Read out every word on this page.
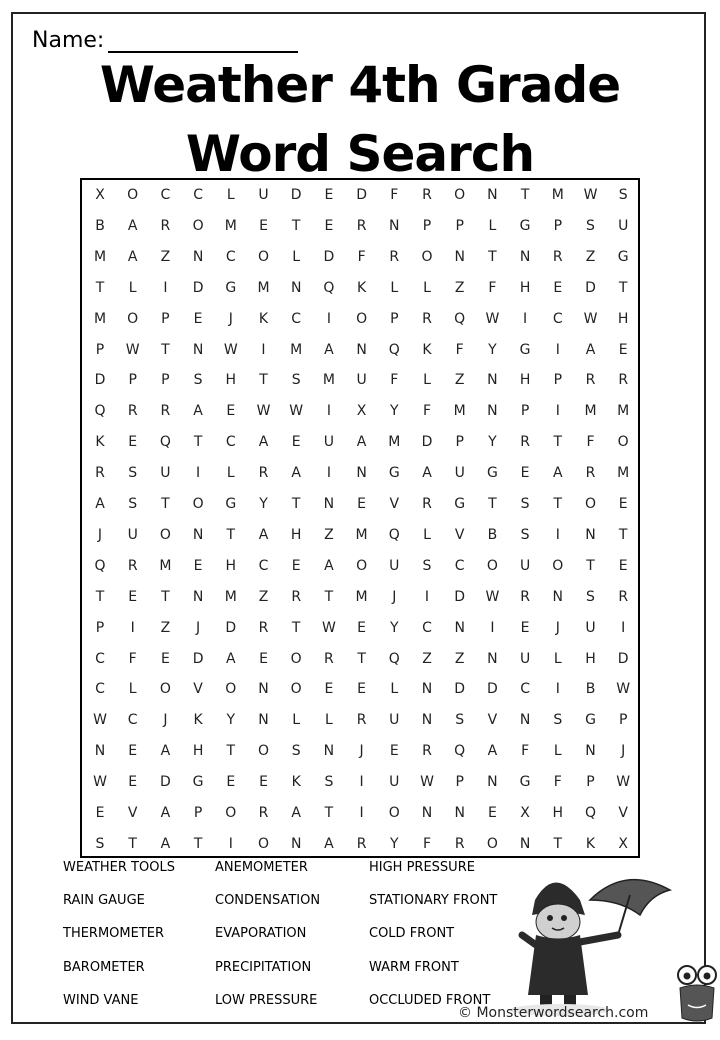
Name:
Weather 4th Grade
Word Search
X	O	C	C	L	U	D	E	D	F	R	O	N	T	M	W	S
B	A	R	O	M	E	T	E	R	N	P	P	L	G	P	S	U
M	A	Z	N	C	O	L	D	F	R	O	N	T	N	R	Z	G
T	L	I	D	G	M	N	Q	K	L	L	Z	F	H	E	D	T
M	O	P	E	J	K	C	I	O	P	R	Q	W	I	C	W	H
P	W	T	N	W	I	M	A	N	Q	K	F	Y	G	I	A	E
D	P	P	S	H	T	S	M	U	F	L	Z	N	H	P	R	R
Q	R	R	A	E	W	W	I	X	Y	F	M	N	P	I	M	M
K	E	Q	T	C	A	E	U	A	M	D	P	Y	R	T	F	O
R	S	U	I	L	R	A	I	N	G	A	U	G	E	A	R	M
A	S	T	O	G	Y	T	N	E	V	R	G	T	S	T	O	E
J	U	O	N	T	A	H	Z	M	Q	L	V	B	S	I	N	T
Q	R	M	E	H	C	E	A	O	U	S	C	O	U	O	T	E
T	E	T	N	M	Z	R	T	M	J	I	D	W	R	N	S	R
P	I	Z	J	D	R	T	W	E	Y	C	N	I	E	J	U	I
C	F	E	D	A	E	O	R	T	Q	Z	Z	N	U	L	H	D
C	L	O	V	O	N	O	E	E	L	N	D	D	C	I	B	W
W	C	J	K	Y	N	L	L	R	U	N	S	V	N	S	G	P
N	E	A	H	T	O	S	N	J	E	R	Q	A	F	L	N	J
W	E	D	G	E	E	K	S	I	U	W	P	N	G	F	P	W
E	V	A	P	O	R	A	T	I	O	N	N	E	X	H	Q	V
S	T	A	T	I	O	N	A	R	Y	F	R	O	N	T	K	X
WEATHER TOOLS
RAIN GAUGE
THERMOMETER
BAROMETER
WIND VANE
ANEMOMETER
CONDENSATION
EVAPORATION
PRECIPITATION
LOW PRESSURE
HIGH PRESSURE
STATIONARY FRONT
COLD FRONT
WARM FRONT
OCCLUDED FRONT
© Monsterwordsearch.com
